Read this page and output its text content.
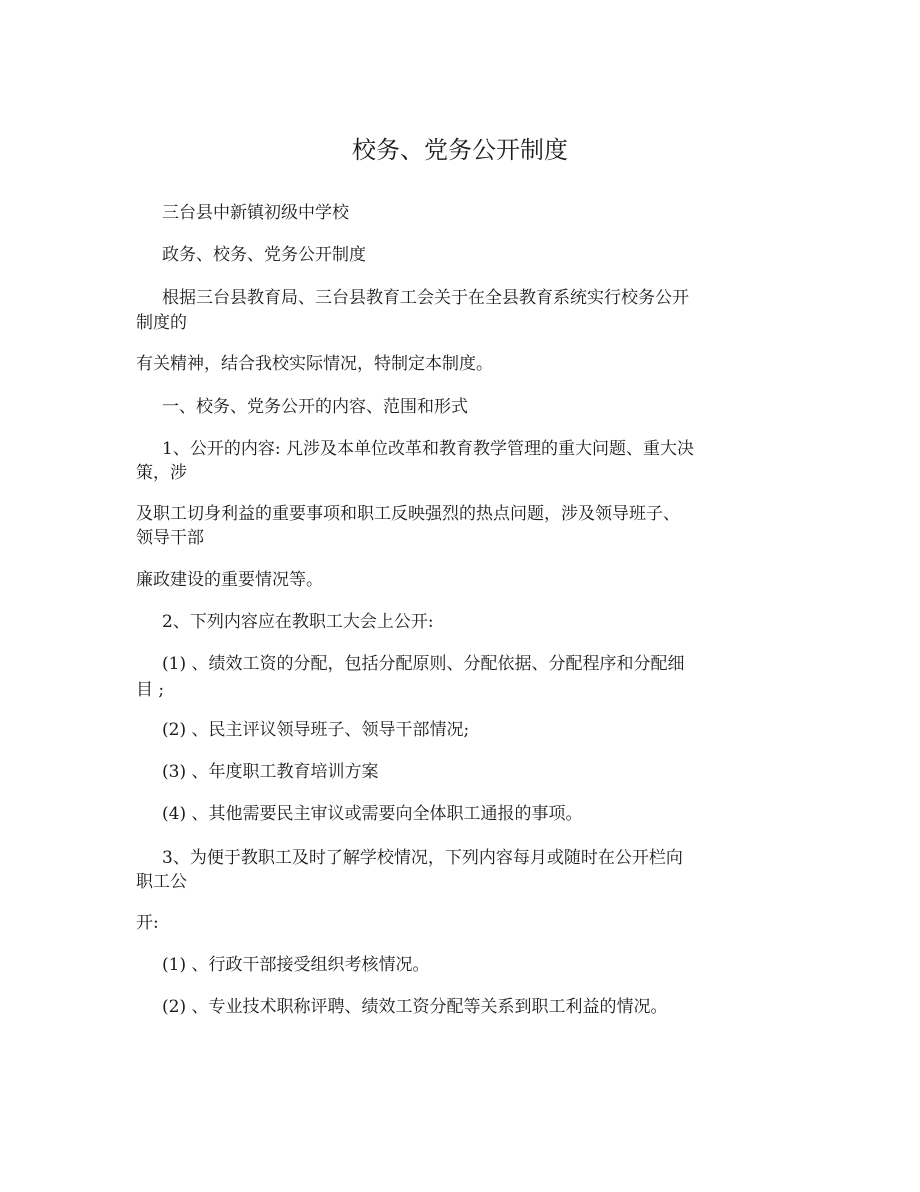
校务、党务公开制度

三台县中新镇初级中学校

政务、校务、党务公开制度

根据三台县教育局、三台县教育工会关于在全县教育系统实行校务公开

制度的

有关精神，结合我校实际情况，特制定本制度。

一、校务、党务公开的内容、范围和形式

1、公开的内容: 凡涉及本单位改革和教育教学管理的重大问题、重大决

策，涉

及职工切身利益的重要事项和职工反映强烈的热点问题，涉及领导班子、

领导干部

廉政建设的重要情况等。

2、下列内容应在教职工大会上公开:

(1) 、绩效工资的分配，包括分配原则、分配依据、分配程序和分配细

目 ;

(2) 、民主评议领导班子、领导干部情况;

(3) 、年度职工教育培训方案

(4) 、其他需要民主审议或需要向全体职工通报的事项。

3、为便于教职工及时了解学校情况，下列内容每月或随时在公开栏向

职工公

开:

(1) 、行政干部接受组织考核情况。

(2) 、专业技术职称评聘、绩效工资分配等关系到职工利益的情况。
